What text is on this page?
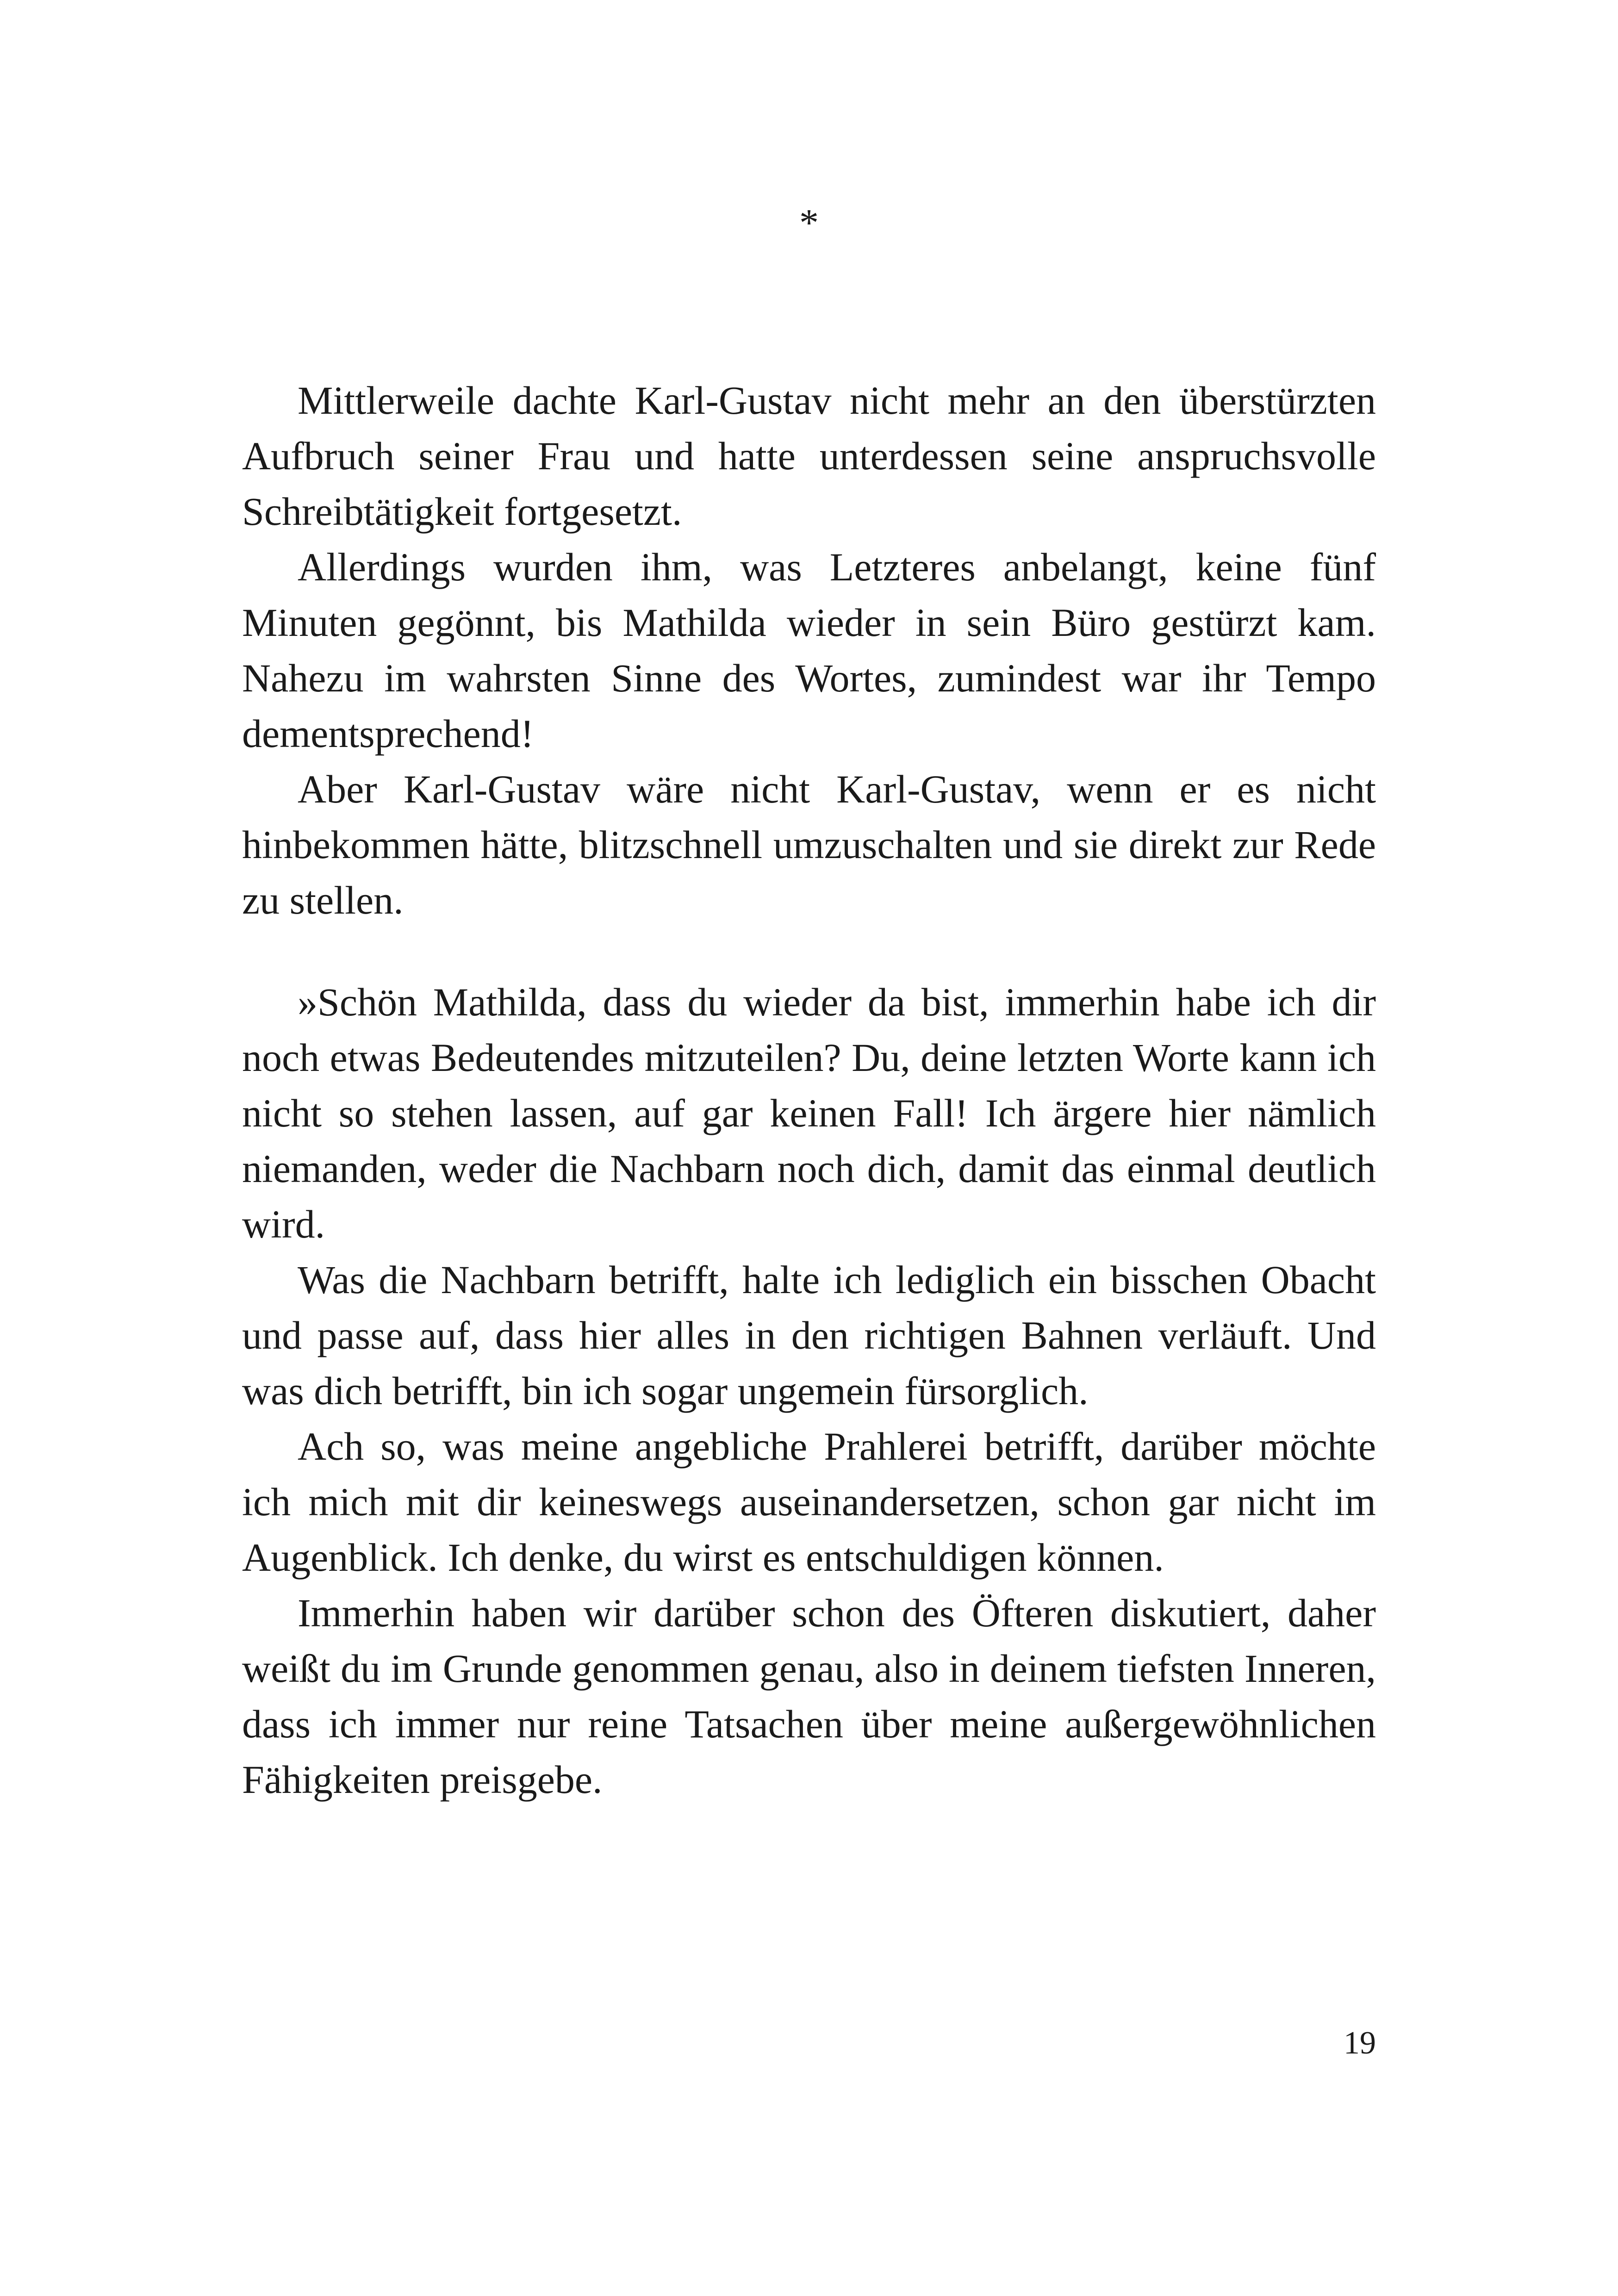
*

Mittlerweile dachte Karl-Gustav nicht mehr an den überstürzten Aufbruch seiner Frau und hatte unterdessen seine anspruchsvolle Schreibtätigkeit fortgesetzt.

Allerdings wurden ihm, was Letzteres anbelangt, keine fünf Minuten gegönnt, bis Mathilda wieder in sein Büro gestürzt kam. Nahezu im wahrsten Sinne des Wortes, zumindest war ihr Tempo dementsprechend!

Aber Karl-Gustav wäre nicht Karl-Gustav, wenn er es nicht hinbekommen hätte, blitzschnell umzuschalten und sie direkt zur Rede zu stellen.

»Schön Mathilda, dass du wieder da bist, immerhin habe ich dir noch etwas Bedeutendes mitzuteilen? Du, deine letzten Worte kann ich nicht so stehen lassen, auf gar keinen Fall! Ich ärgere hier nämlich niemanden, weder die Nachbarn noch dich, damit das einmal deutlich wird.

Was die Nachbarn betrifft, halte ich lediglich ein bisschen Obacht und passe auf, dass hier alles in den richtigen Bahnen verläuft. Und was dich betrifft, bin ich sogar ungemein fürsorglich.

Ach so, was meine angebliche Prahlerei betrifft, darüber möchte ich mich mit dir keineswegs auseinandersetzen, schon gar nicht im Augenblick. Ich denke, du wirst es entschuldigen können.

Immerhin haben wir darüber schon des Öfteren diskutiert, daher weißt du im Grunde genommen genau, also in deinem tiefsten Inneren, dass ich immer nur reine Tatsachen über meine außergewöhnlichen Fähigkeiten preisgebe.

19
